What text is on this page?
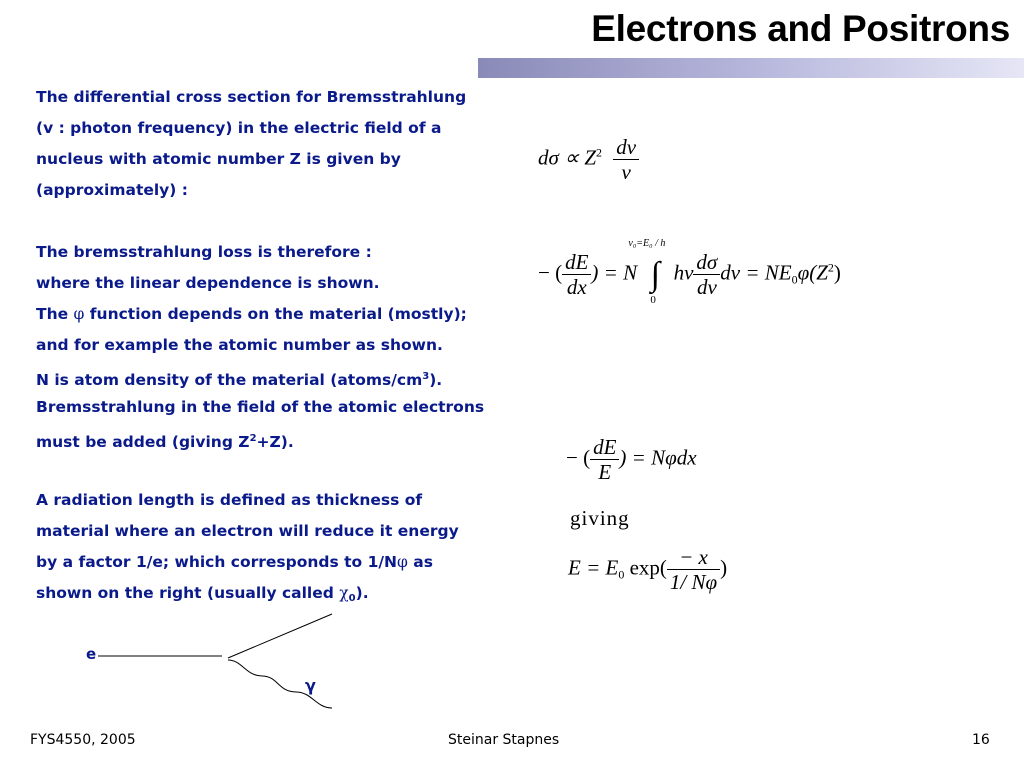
Electrons and Positrons
The differential cross section for Bremsstrahlung
(v : photon frequency) in the electric field of a
nucleus with atomic number Z is given by
(approximately) :
The bremsstrahlung loss is therefore :
where the linear dependence is shown.
The φ function depends on the material (mostly);
and for example the atomic number as shown.
N is atom density of the material $(atoms/cm^3)$.
Bremsstrahlung in the field of the atomic electrons
must be added (giving $Z^2+Z$).
A radiation length is defined as thickness of
material where an electron will reduce it energy
by a factor 1/e; which corresponds to 1/Nφ as
shown on the right (usually called $\chi_0$).
$d\sigma \propto Z^2 \frac{dv}{v}$
− ( $\frac{dE}{dx}$ ) = N
v₀=E₀ / h
∫
0
hv $\frac{d\sigma}{dv}$ dv = $NE0\varphi(Z^2)$
− ( $\frac{dE}{E}$ ) = Nφdx
giving
E = E0 $\exp( \frac{- x}{1/ N\varphi}$ )
e
γ
FYS4550, 2005	Steinar Stapnes	16
